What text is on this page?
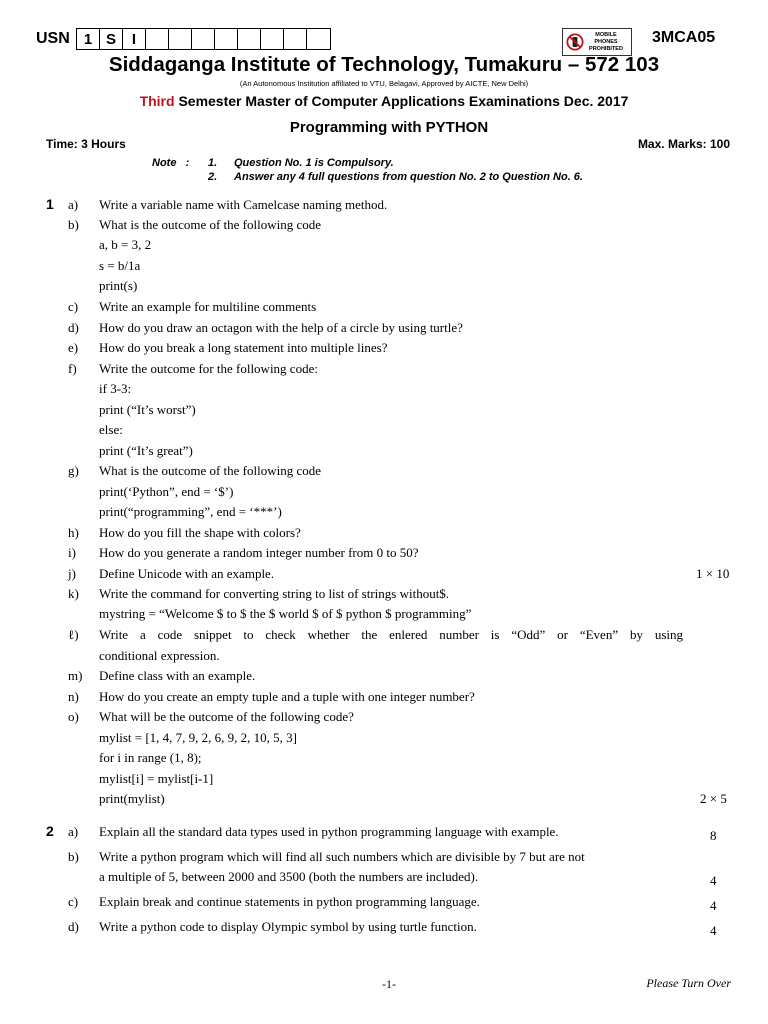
USN 1 S	I	MOBILE PHONES
PROHIBITED
3MCA05
Siddaganga Institute of Technology, Tumakuru – 572 103
(An Autonomous Institution affiliated to VTU, Belagavi, Approved by AICTE, New Delhi)
Third Semester Master of Computer Applications Examinations Dec. 2017
Programming with PYTHON
Time: 3 Hours	Max. Marks: 100
Note   : 1. Question No. 1 is Compulsory.
2. Answer any 4 full questions from question No. 2 to Question No. 6.
1 a) Write a variable name with Camelcase naming method.
b) What is the outcome of the following code
a, b = 3, 2
s = b/1a
print(s)
c) Write an example for multiline comments
d) How do you draw an octagon with the help of a circle by using turtle?
e) How do you break a long statement into multiple lines?
f) Write the outcome for the following code:
if 3-3:
print (“It’s worst”)
else:
print (“It’s great”)
g) What is the outcome of the following code
print(‘Python”, end = ‘$’)
print(“programming”, end = ‘***’)
h) How do you fill the shape with colors?
i) How do you generate a random integer number from 0 to 50?
j) Define Unicode with an example.	1 × 10
k) Write the command for converting string to list of strings without$.
mystring = “Welcome $ to $ the $ world $ of $ python $ programming”
ℓ) Write a code snippet to check whether the enlered number is “Odd” or “Even” by using
conditional expression.
m) Define class with an example.
n) How do you create an empty tuple and a tuple with one integer number?
o) What will be the outcome of the following code?
mylist = [1, 4, 7, 9, 2, 6, 9, 2, 10, 5, 3]
for i in range (1, 8);
mylist[i] = mylist[i-1]
print(mylist)	2 × 5
2 a) Explain all the standard data types used in python programming language with example.	8
b) Write a python program which will find all such numbers which are divisible by 7 but are not
a multiple of 5, between 2000 and 3500 (both the numbers are included).	4
c) Explain break and continue statements in python programming language.	4
d) Write a python code to display Olympic symbol by using turtle function.	4
-1-	Please Turn Over
